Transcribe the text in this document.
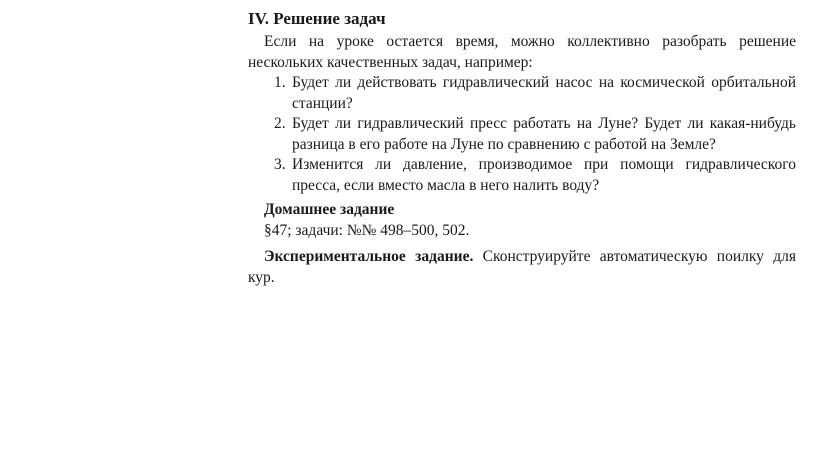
IV. Решение задач

Если на уроке остается время, можно коллективно разобрать решение нескольких качественных задач, например:

1. Будет ли действовать гидравлический насос на космической орбитальной станции?
2. Будет ли гидравлический пресс работать на Луне? Будет ли какая-нибудь разница в его работе на Луне по сравнению с работой на Земле?
3. Изменится ли давление, производимое при помощи гидравлического пресса, если вместо масла в него налить воду?
Домашнее задание
§47; задачи: №№ 498–500, 502.

Экспериментальное задание. Сконструируйте автоматическую поилку для кур.
